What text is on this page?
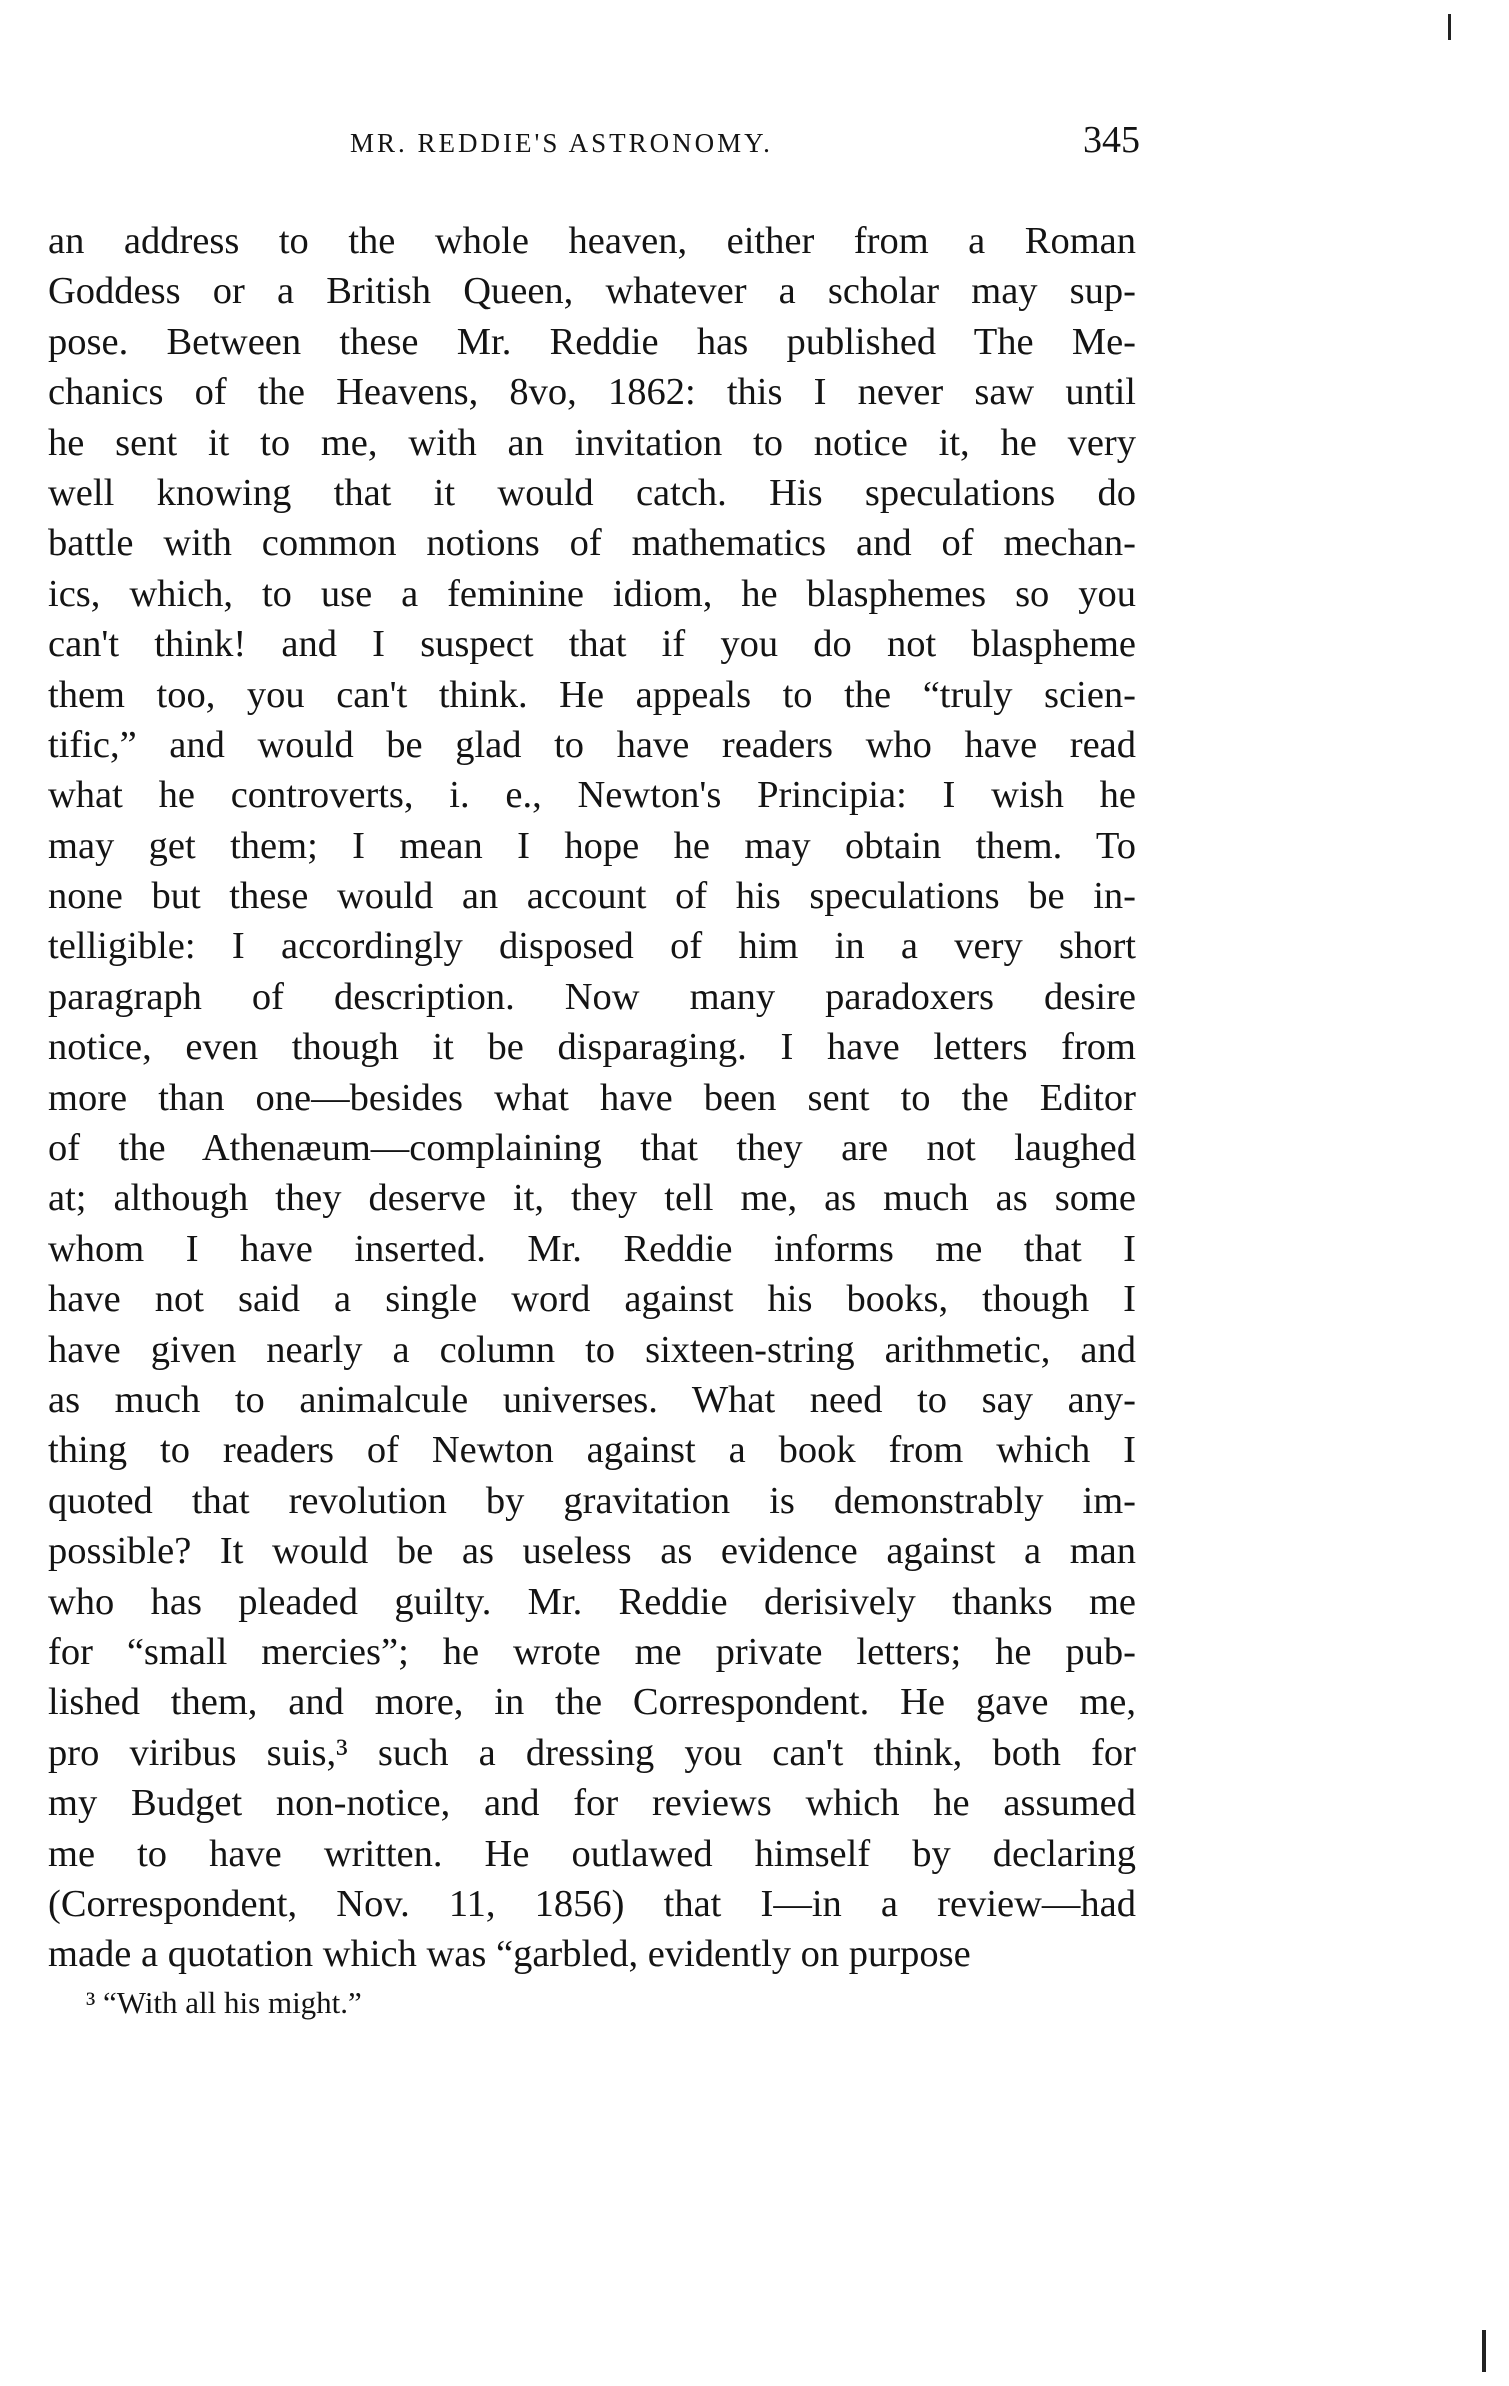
MR. REDDIE'S ASTRONOMY.	345
an address to the whole heaven, either from a Roman
Goddess or a British Queen, whatever a scholar may sup-
pose. Between these Mr. Reddie has published The Me-
chanics of the Heavens, 8vo, 1862: this I never saw until
he sent it to me, with an invitation to notice it, he very
well knowing that it would catch. His speculations do
battle with common notions of mathematics and of mechan-
ics, which, to use a feminine idiom, he blasphemes so you
can't think! and I suspect that if you do not blaspheme
them too, you can't think. He appeals to the “truly scien-
tific,” and would be glad to have readers who have read
what he controverts, i. e., Newton's Principia: I wish he
may get them; I mean I hope he may obtain them. To
none but these would an account of his speculations be in-
telligible: I accordingly disposed of him in a very short
paragraph of description. Now many paradoxers desire
notice, even though it be disparaging. I have letters from
more than one—besides what have been sent to the Editor
of the Athenæum—complaining that they are not laughed
at; although they deserve it, they tell me, as much as some
whom I have inserted. Mr. Reddie informs me that I
have not said a single word against his books, though I
have given nearly a column to sixteen-string arithmetic, and
as much to animalcule universes. What need to say any-
thing to readers of Newton against a book from which I
quoted that revolution by gravitation is demonstrably im-
possible? It would be as useless as evidence against a man
who has pleaded guilty. Mr. Reddie derisively thanks me
for “small mercies”; he wrote me private letters; he pub-
lished them, and more, in the Correspondent. He gave me,
pro viribus suis,³ such a dressing you can't think, both for
my Budget non-notice, and for reviews which he assumed
me to have written. He outlawed himself by declaring
(Correspondent, Nov. 11, 1856) that I—in a review—had
made a quotation which was “garbled, evidently on purpose
³ “With all his might.”
